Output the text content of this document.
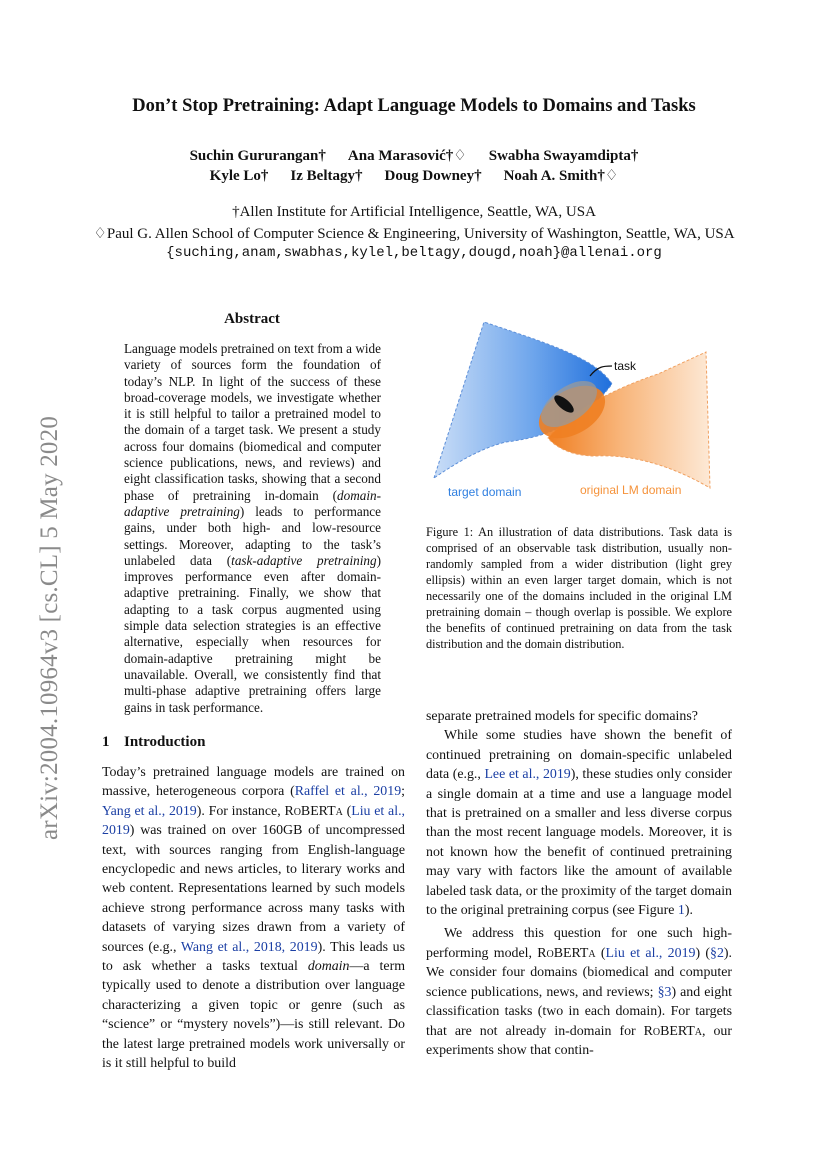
arXiv:2004.10964v3 [cs.CL] 5 May 2020
Don’t Stop Pretraining: Adapt Language Models to Domains and Tasks
Suchin Gururangan† Ana Marasović†♢ Swabha Swayamdipta†
Kyle Lo† Iz Beltagy† Doug Downey† Noah A. Smith†♢
†Allen Institute for Artificial Intelligence, Seattle, WA, USA
♢Paul G. Allen School of Computer Science & Engineering, University of Washington, Seattle, WA, USA
{suching,anam,swabhas,kylel,beltagy,dougd,noah}@allenai.org
Abstract
Language models pretrained on text from a wide variety of sources form the foundation of today’s NLP. In light of the success of these broad-coverage models, we investigate whether it is still helpful to tailor a pretrained model to the domain of a target task. We present a study across four domains (biomedical and computer science publications, news, and reviews) and eight classification tasks, showing that a second phase of pretraining in-domain (domain-adaptive pretraining) leads to performance gains, under both high- and low-resource settings. Moreover, adapting to the task’s unlabeled data (task-adaptive pretraining) improves performance even after domain-adaptive pretraining. Finally, we show that adapting to a task corpus augmented using simple data selection strategies is an effective alternative, especially when resources for domain-adaptive pretraining might be unavailable. Overall, we consistently find that multi-phase adaptive pretraining offers large gains in task performance.
task
target domain	original LM domain
Figure 1: An illustration of data distributions. Task data is comprised of an observable task distribution, usually non-randomly sampled from a wider distribution (light grey ellipsis) within an even larger target domain, which is not necessarily one of the domains included in the original LM pretraining domain – though overlap is possible. We explore the benefits of continued pretraining on data from the task distribution and the domain distribution.
1 Introduction
Today’s pretrained language models are trained on massive, heterogeneous corpora (Raffel et al., 2019; Yang et al., 2019). For instance, RoBERTa (Liu et al., 2019) was trained on over 160GB of uncompressed text, with sources ranging from English-language encyclopedic and news articles, to literary works and web content. Representations learned by such models achieve strong performance across many tasks with datasets of varying sizes drawn from a variety of sources (e.g., Wang et al., 2018, 2019). This leads us to ask whether a tasks textual domain—a term typically used to denote a distribution over language characterizing a given topic or genre (such as “science” or “mystery novels”)—is still relevant. Do the latest large pretrained models work universally or is it still helpful to build
separate pretrained models for specific domains?
While some studies have shown the benefit of continued pretraining on domain-specific unlabeled data (e.g., Lee et al., 2019), these studies only consider a single domain at a time and use a language model that is pretrained on a smaller and less diverse corpus than the most recent language models. Moreover, it is not known how the benefit of continued pretraining may vary with factors like the amount of available labeled task data, or the proximity of the target domain to the original pretraining corpus (see Figure 1).
We address this question for one such high-performing model, RoBERTa (Liu et al., 2019) (§2). We consider four domains (biomedical and computer science publications, news, and reviews; §3) and eight classification tasks (two in each domain). For targets that are not already in-domain for RoBERTa, our experiments show that contin-
